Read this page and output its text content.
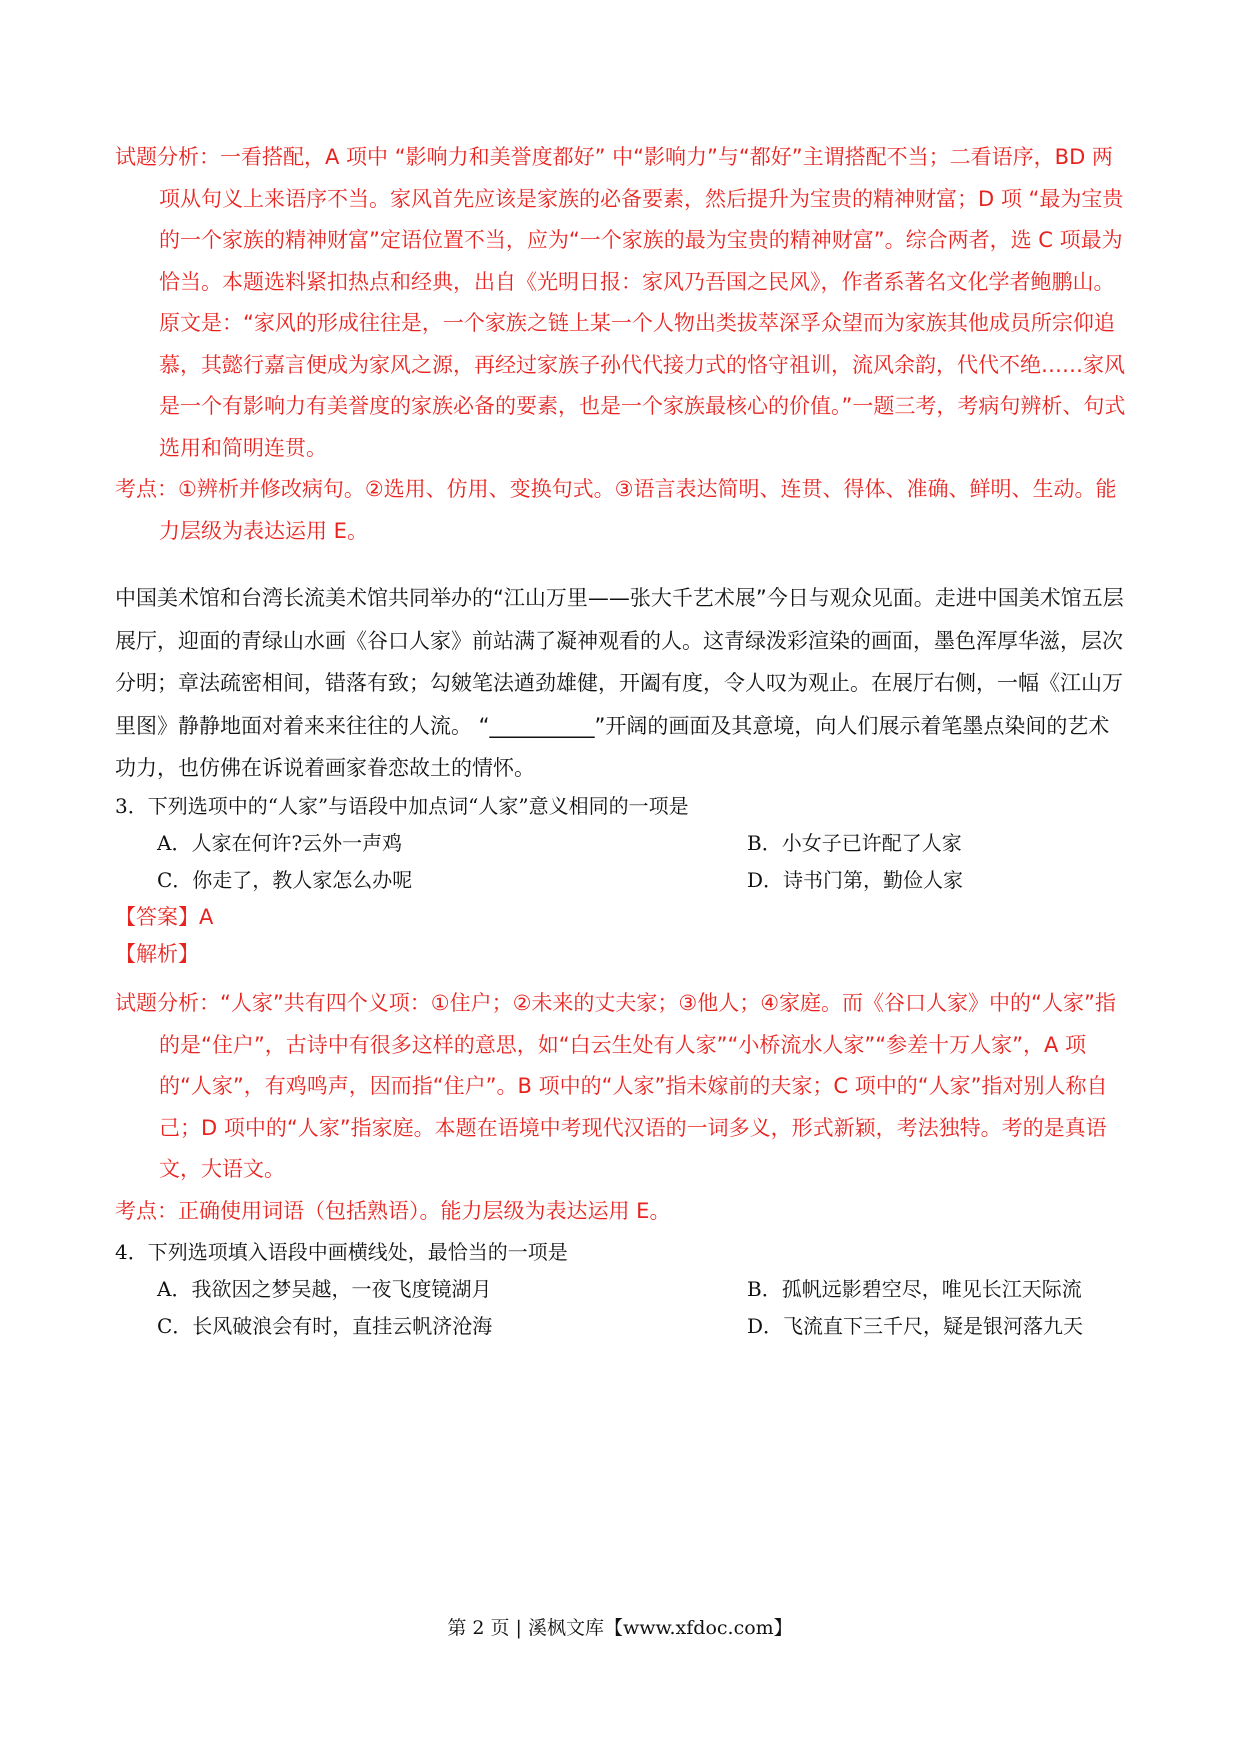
试题分析：一看搭配，A 项中 “影响力和美誉度都好” 中“影响力”与“都好”主谓搭配不当；二看语序，BD 两项从句义上来语序不当。家风首先应该是家族的必备要素，然后提升为宝贵的精神财富；D 项 “最为宝贵的一个家族的精神财富”定语位置不当，应为“一个家族的最为宝贵的精神财富”。综合两者，选 C 项最为恰当。本题选料紧扣热点和经典，出自《光明日报：家风乃吾国之民风》，作者系著名文化学者鲍鹏山。原文是：“家风的形成往往是，一个家族之链上某一个人物出类拔萃深孚众望而为家族其他成员所宗仰追慕，其懿行嘉言便成为家风之源，再经过家族子孙代代接力式的恪守祖训，流风余韵，代代不绝……家风是一个有影响力有美誉度的家族必备的要素，也是一个家族最核心的价值。”一题三考，考病句辨析、句式选用和简明连贯。

考点：①辨析并修改病句。②选用、仿用、变换句式。③语言表达简明、连贯、得体、准确、鲜明、生动。能力层级为表达运用 E。

中国美术馆和台湾长流美术馆共同举办的“江山万里——张大千艺术展”今日与观众见面。走进中国美术馆五层展厅，迎面的青绿山水画《谷口人家》前站满了凝神观看的人。这青绿泼彩渲染的画面，墨色浑厚华滋，层次分明；章法疏密相间，错落有致；勾皴笔法遒劲雄健，开阖有度，令人叹为观止。在展厅右侧，一幅《江山万里图》静静地面对着来来往往的人流。 “__________”开阔的画面及其意境，向人们展示着笔墨点染间的艺术功力，也仿佛在诉说着画家眷恋故土的情怀。

3．下列选项中的“人家”与语段中加点词“人家”意义相同的一项是

A．人家在何许?云外一声鸡	B．小女子已许配了人家
C．你走了，教人家怎么办呢	D．诗书门第，勤俭人家

【答案】A

【解析】

试题分析：“人家”共有四个义项：①住户；②未来的丈夫家；③他人；④家庭。而《谷口人家》中的“人家”指的是“住户”，古诗中有很多这样的意思，如“白云生处有人家”“小桥流水人家”“参差十万人家”，A 项的“人家”，有鸡鸣声，因而指“住户”。B 项中的“人家”指未嫁前的夫家；C 项中的“人家”指对别人称自己；D 项中的“人家”指家庭。本题在语境中考现代汉语的一词多义，形式新颖，考法独特。考的是真语文，大语文。

考点：正确使用词语（包括熟语）。能力层级为表达运用 E。

4．下列选项填入语段中画横线处，最恰当的一项是

A．我欲因之梦吴越，一夜飞度镜湖月	B．孤帆远影碧空尽，唯见长江天际流
C．长风破浪会有时，直挂云帆济沧海	D．飞流直下三千尺，疑是银河落九天
第 2 页 | 溪枫文库【www.xfdoc.com】
